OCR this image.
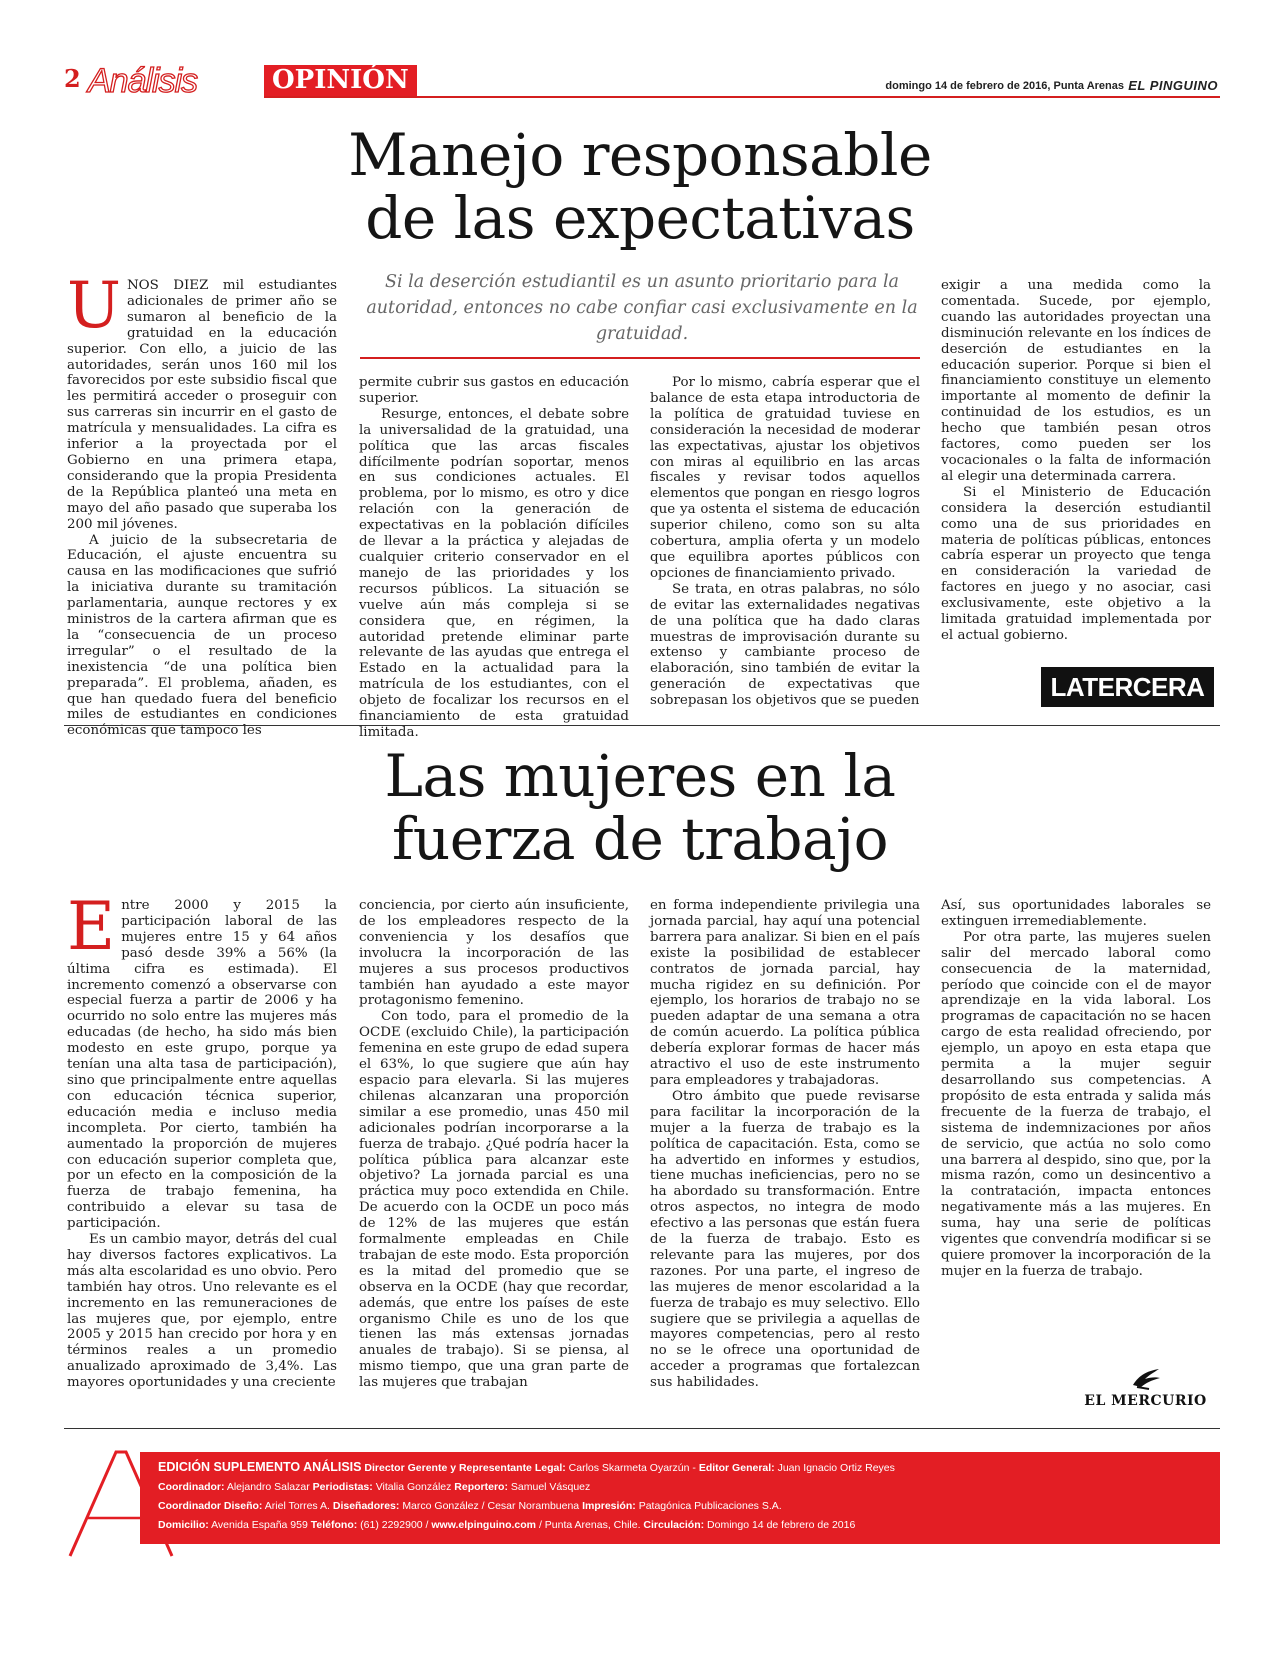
2 Análisis	OPINIÓN	domingo 14 de febrero de 2016, Punta Arenas EL PINGUINO
Manejo responsable
de las expectativas
Si la deserción estudiantil es un asunto prioritario para la autoridad, entonces no cabe confiar casi exclusivamente en la gratuidad.

UNOS DIEZ mil estudiantes adicionales de primer año se sumaron al beneficio de la gratuidad en la educación superior. Con ello, a juicio de las autoridades, serán unos 160 mil los favorecidos por este subsidio fiscal que les permitirá acceder o proseguir con sus carreras sin incurrir en el gasto de matrícula y mensualidades. La cifra es inferior a la proyectada por el Gobierno en una primera etapa, considerando que la propia Presidenta de la República planteó una meta en mayo del año pasado que superaba los 200 mil jóvenes.

A juicio de la subsecretaria de Educación, el ajuste encuentra su causa en las modificaciones que sufrió la iniciativa durante su tramitación parlamentaria, aunque rectores y ex ministros de la cartera afirman que es la “consecuencia de un proceso irregular” o el resultado de la inexistencia “de una política bien preparada”. El problema, añaden, es que han quedado fuera del beneficio miles de estudiantes en condiciones económicas que tampoco les

permite cubrir sus gastos en educación superior.

Resurge, entonces, el debate sobre la universalidad de la gratuidad, una política que las arcas fiscales difícilmente podrían soportar, menos en sus condiciones actuales. El problema, por lo mismo, es otro y dice relación con la generación de expectativas en la población difíciles de llevar a la práctica y alejadas de cualquier criterio conservador en el manejo de las prioridades y los recursos públicos. La situación se vuelve aún más compleja si se considera que, en régimen, la autoridad pretende eliminar parte relevante de las ayudas que entrega el Estado en la actualidad para la matrícula de los estudiantes, con el objeto de focalizar los recursos en el financiamiento de esta gratuidad limitada.

Por lo mismo, cabría esperar que el balance de esta etapa introductoria de la política de gratuidad tuviese en consideración la necesidad de moderar las expectativas, ajustar los objetivos con miras al equilibrio en las arcas fiscales y revisar todos aquellos elementos que pongan en riesgo logros que ya ostenta el sistema de educación superior chileno, como son su alta cobertura, amplia oferta y un modelo que equilibra aportes públicos con opciones de financiamiento privado.

Se trata, en otras palabras, no sólo de evitar las externalidades negativas de una política que ha dado claras muestras de improvisación durante su extenso y cambiante proceso de elaboración, sino también de evitar la generación de expectativas que sobrepasan los objetivos que se pueden

exigir a una medida como la comentada. Sucede, por ejemplo, cuando las autoridades proyectan una disminución relevante en los índices de deserción de estudiantes en la educación superior. Porque si bien el financiamiento constituye un elemento importante al momento de definir la continuidad de los estudios, es un hecho que también pesan otros factores, como pueden ser los vocacionales o la falta de información al elegir una determinada carrera.

Si el Ministerio de Educación considera la deserción estudiantil como una de sus prioridades en materia de políticas públicas, entonces cabría esperar un proyecto que tenga en consideración la variedad de factores en juego y no asociar, casi exclusivamente, este objetivo a la limitada gratuidad implementada por el actual gobierno.

LATERCERA
Las mujeres en la
fuerza de trabajo

Entre 2000 y 2015 la participación laboral de las mujeres entre 15 y 64 años pasó desde 39% a 56% (la última cifra es estimada). El incremento comenzó a observarse con especial fuerza a partir de 2006 y ha ocurrido no solo entre las mujeres más educadas (de hecho, ha sido más bien modesto en este grupo, porque ya tenían una alta tasa de participación), sino que principalmente entre aquellas con educación técnica superior, educación media e incluso media incompleta. Por cierto, también ha aumentado la proporción de mujeres con educación superior completa que, por un efecto en la composición de la fuerza de trabajo femenina, ha contribuido a elevar su tasa de participación.

Es un cambio mayor, detrás del cual hay diversos factores explicativos. La más alta escolaridad es uno obvio. Pero también hay otros. Uno relevante es el incremento en las remuneraciones de las mujeres que, por ejemplo, entre 2005 y 2015 han crecido por hora y en términos reales a un promedio anualizado aproximado de 3,4%. Las mayores oportunidades y una creciente

conciencia, por cierto aún insuficiente, de los empleadores respecto de la conveniencia y los desafíos que involucra la incorporación de las mujeres a sus procesos productivos también han ayudado a este mayor protagonismo femenino.

Con todo, para el promedio de la OCDE (excluido Chile), la participación femenina en este grupo de edad supera el 63%, lo que sugiere que aún hay espacio para elevarla. Si las mujeres chilenas alcanzaran una proporción similar a ese promedio, unas 450 mil adicionales podrían incorporarse a la fuerza de trabajo. ¿Qué podría hacer la política pública para alcanzar este objetivo? La jornada parcial es una práctica muy poco extendida en Chile. De acuerdo con la OCDE un poco más de 12% de las mujeres que están formalmente empleadas en Chile trabajan de este modo. Esta proporción es la mitad del promedio que se observa en la OCDE (hay que recordar, además, que entre los países de este organismo Chile es uno de los que tienen las más extensas jornadas anuales de trabajo). Si se piensa, al mismo tiempo, que una gran parte de las mujeres que trabajan

en forma independiente privilegia una jornada parcial, hay aquí una potencial barrera para analizar. Si bien en el país existe la posibilidad de establecer contratos de jornada parcial, hay mucha rigidez en su definición. Por ejemplo, los horarios de trabajo no se pueden adaptar de una semana a otra de común acuerdo. La política pública debería explorar formas de hacer más atractivo el uso de este instrumento para empleadores y trabajadoras.

Otro ámbito que puede revisarse para facilitar la incorporación de la mujer a la fuerza de trabajo es la política de capacitación. Esta, como se ha advertido en informes y estudios, tiene muchas ineficiencias, pero no se ha abordado su transformación. Entre otros aspectos, no integra de modo efectivo a las personas que están fuera de la fuerza de trabajo. Esto es relevante para las mujeres, por dos razones. Por una parte, el ingreso de las mujeres de menor escolaridad a la fuerza de trabajo es muy selectivo. Ello sugiere que se privilegia a aquellas de mayores competencias, pero al resto no se le ofrece una oportunidad de acceder a programas que fortalezcan sus habilidades.

Así, sus oportunidades laborales se extinguen irremediablemente.

Por otra parte, las mujeres suelen salir del mercado laboral como consecuencia de la maternidad, período que coincide con el de mayor aprendizaje en la vida laboral. Los programas de capacitación no se hacen cargo de esta realidad ofreciendo, por ejemplo, un apoyo en esta etapa que permita a la mujer seguir desarrollando sus competencias. A propósito de esta entrada y salida más frecuente de la fuerza de trabajo, el sistema de indemnizaciones por años de servicio, que actúa no solo como una barrera al despido, sino que, por la misma razón, como un desincentivo a la contratación, impacta entonces negativamente más a las mujeres. En suma, hay una serie de políticas vigentes que convendría modificar si se quiere promover la incorporación de la mujer en la fuerza de trabajo.

EL MERCURIO
EDICIÓN SUPLEMENTO ANÁLISIS Director Gerente y Representante Legal: Carlos Skarmeta Oyarzún - Editor General: Juan Ignacio Ortiz Reyes
Coordinador: Alejandro Salazar Periodistas: Vitalia González Reportero: Samuel Vásquez
Coordinador Diseño: Ariel Torres A. Diseñadores: Marco González / Cesar Norambuena Impresión: Patagónica Publicaciones S.A.
Domicilio: Avenida España 959 Teléfono: (61) 2292900 / www.elpinguino.com / Punta Arenas, Chile. Circulación: Domingo 14 de febrero de 2016
